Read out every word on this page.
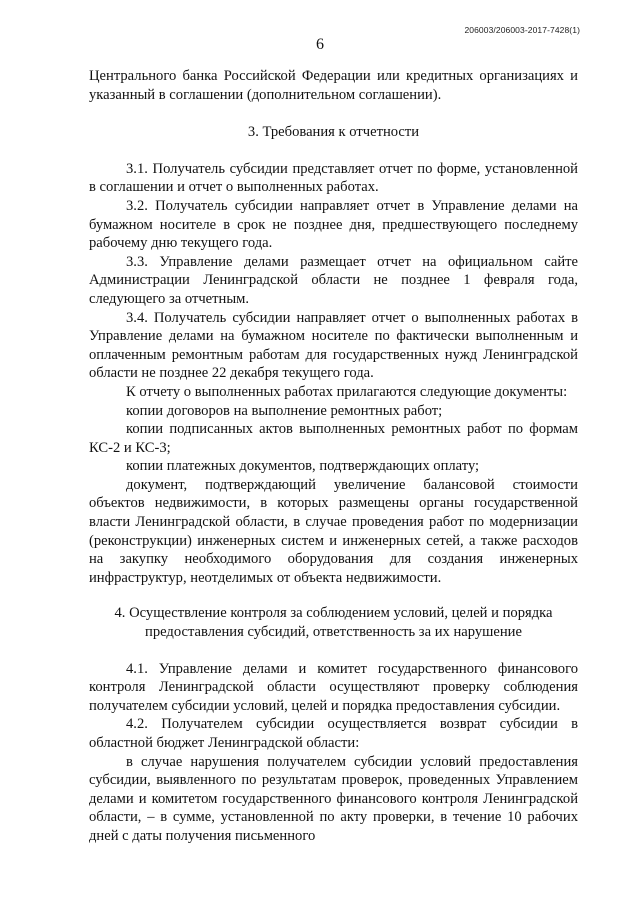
206003/206003-2017-7428(1)
6

Центрального банка Российской Федерации или кредитных организациях и указанный в соглашении (дополнительном соглашении).

3. Требования к отчетности

3.1. Получатель субсидии представляет отчет по форме, установленной в соглашении и отчет о выполненных работах.

3.2. Получатель субсидии направляет отчет в Управление делами на бумажном носителе в срок не позднее дня, предшествующего последнему рабочему дню текущего года.

3.3. Управление делами размещает отчет на официальном сайте Администрации Ленинградской области не позднее 1 февраля года, следующего за отчетным.

3.4. Получатель субсидии направляет отчет о выполненных работах в Управление делами на бумажном носителе по фактически выполненным и оплаченным ремонтным работам для государственных нужд Ленинградской области не позднее 22 декабря текущего года.

К отчету о выполненных работах прилагаются следующие документы:

копии договоров на выполнение ремонтных работ;

копии подписанных актов выполненных ремонтных работ по формам КС-2 и КС-3;

копии платежных документов, подтверждающих оплату;

документ, подтверждающий увеличение балансовой стоимости объектов недвижимости, в которых размещены органы государственной власти Ленинградской области, в случае проведения работ по модернизации (реконструкции) инженерных систем и инженерных сетей, а также расходов на закупку необходимого оборудования для создания инженерных инфраструктур, неотделимых от объекта недвижимости.

4. Осуществление контроля за соблюдением условий, целей и порядка

предоставления субсидий, ответственность за их нарушение

4.1. Управление делами и комитет государственного финансового контроля Ленинградской области осуществляют проверку соблюдения получателем субсидии условий, целей и порядка предоставления субсидии.

4.2. Получателем субсидии осуществляется возврат субсидии в областной бюджет Ленинградской области:

в случае нарушения получателем субсидии условий предоставления субсидии, выявленного по результатам проверок, проведенных Управлением делами и комитетом государственного финансового контроля Ленинградской области, – в сумме, установленной по акту проверки, в течение 10 рабочих дней с даты получения письменного
